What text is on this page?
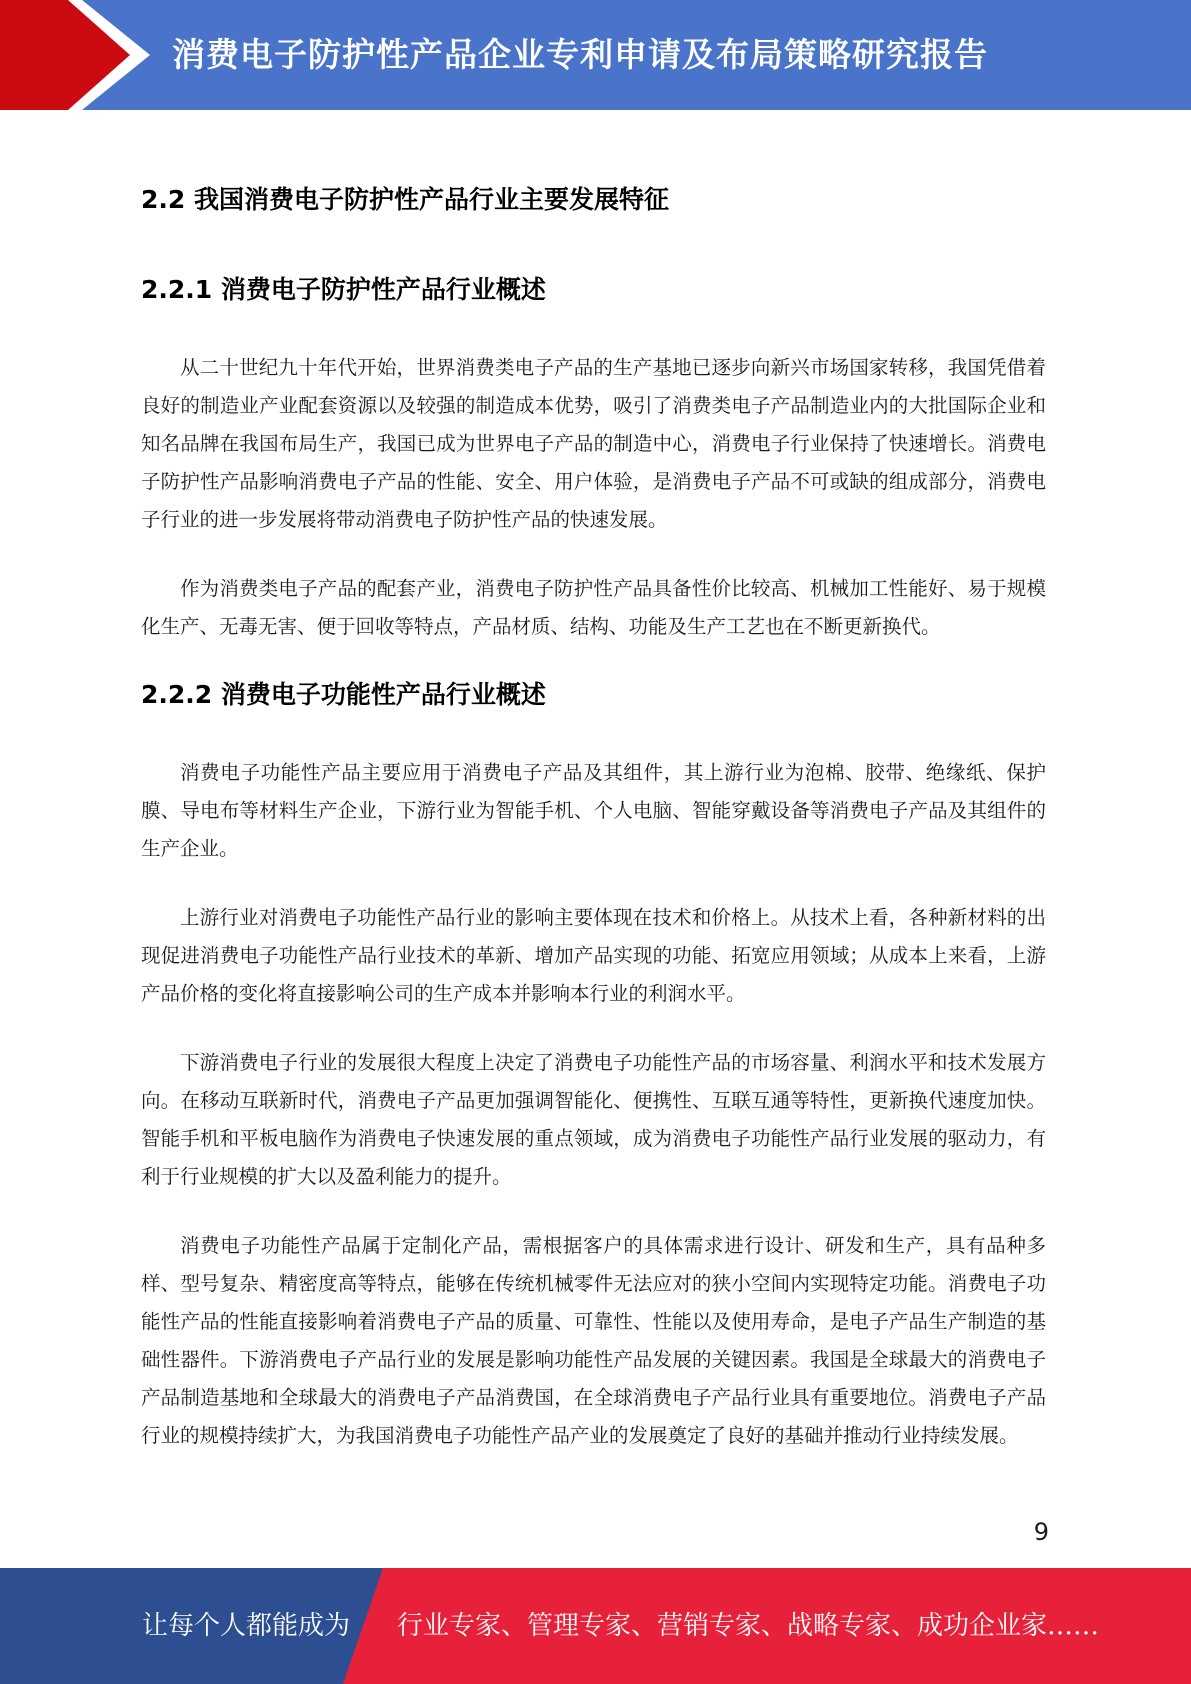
消费电子防护性产品企业专利申请及布局策略研究报告
2.2 我国消费电子防护性产品行业主要发展特征
2.2.1 消费电子防护性产品行业概述

从二十世纪九十年代开始，世界消费类电子产品的生产基地已逐步向新兴市场国家转移，我国凭借着良好的制造业产业配套资源以及较强的制造成本优势，吸引了消费类电子产品制造业内的大批国际企业和知名品牌在我国布局生产，我国已成为世界电子产品的制造中心，消费电子行业保持了快速增长。消费电子防护性产品影响消费电子产品的性能、安全、用户体验，是消费电子产品不可或缺的组成部分，消费电子行业的进一步发展将带动消费电子防护性产品的快速发展。

作为消费类电子产品的配套产业，消费电子防护性产品具备性价比较高、机械加工性能好、易于规模化生产、无毒无害、便于回收等特点，产品材质、结构、功能及生产工艺也在不断更新换代。

2.2.2 消费电子功能性产品行业概述

消费电子功能性产品主要应用于消费电子产品及其组件，其上游行业为泡棉、胶带、绝缘纸、保护膜、导电布等材料生产企业，下游行业为智能手机、个人电脑、智能穿戴设备等消费电子产品及其组件的生产企业。

上游行业对消费电子功能性产品行业的影响主要体现在技术和价格上。从技术上看，各种新材料的出现促进消费电子功能性产品行业技术的革新、增加产品实现的功能、拓宽应用领域；从成本上来看，上游产品价格的变化将直接影响公司的生产成本并影响本行业的利润水平。

下游消费电子行业的发展很大程度上决定了消费电子功能性产品的市场容量、利润水平和技术发展方向。在移动互联新时代，消费电子产品更加强调智能化、便携性、互联互通等特性，更新换代速度加快。智能手机和平板电脑作为消费电子快速发展的重点领域，成为消费电子功能性产品行业发展的驱动力，有利于行业规模的扩大以及盈利能力的提升。

消费电子功能性产品属于定制化产品，需根据客户的具体需求进行设计、研发和生产，具有品种多样、型号复杂、精密度高等特点，能够在传统机械零件无法应对的狭小空间内实现特定功能。消费电子功能性产品的性能直接影响着消费电子产品的质量、可靠性、性能以及使用寿命，是电子产品生产制造的基础性器件。下游消费电子产品行业的发展是影响功能性产品发展的关键因素。我国是全球最大的消费电子产品制造基地和全球最大的消费电子产品消费国，在全球消费电子产品行业具有重要地位。消费电子产品行业的规模持续扩大，为我国消费电子功能性产品产业的发展奠定了良好的基础并推动行业持续发展。

9
让每个人都能成为 行业专家、管理专家、营销专家、战略专家、成功企业家……
